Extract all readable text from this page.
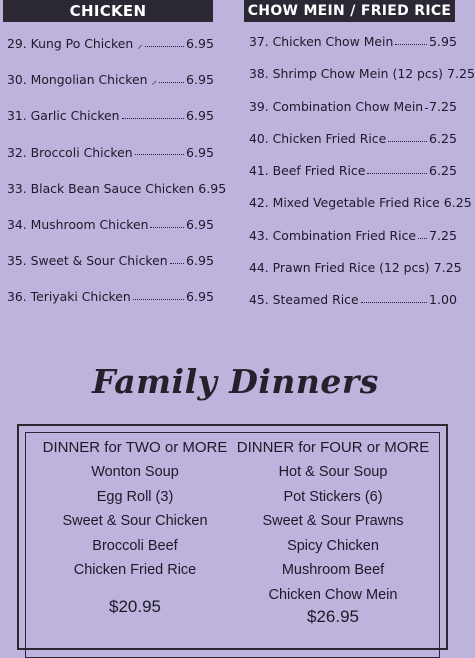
CHICKEN	CHOW MEIN / FRIED RICE
29. Kung Po Chicken ⸝	6.95
30. Mongolian Chicken ⸝ 6.95
31. Garlic Chicken	6.95
32. Broccoli Chicken	6.95
33. Black Bean Sauce Chicken 6.95
34. Mushroom Chicken	6.95
35. Sweet & Sour Chicken 6.95
36. Teriyaki Chicken	6.95
37. Chicken Chow Mein	5.95
38. Shrimp Chow Mein (12 pcs) 7.25
39. Combination Chow Mein 7.25
40. Chicken Fried Rice	6.25
41. Beef Fried Rice	6.25
42. Mixed Vegetable Fried Rice 6.25
43. Combination Fried Rice 7.25
44. Prawn Fried Rice (12 pcs) 7.25
45. Steamed Rice	1.00
Family Dinners
DINNER for TWO or MORE
Wonton Soup
Egg Roll (3)
Sweet & Sour Chicken
Broccoli Beef
Chicken Fried Rice
$20.95
DINNER for FOUR or MORE
Hot & Sour Soup
Pot Stickers (6)
Sweet & Sour Prawns
Spicy Chicken
Mushroom Beef
Chicken Chow Mein
$26.95
